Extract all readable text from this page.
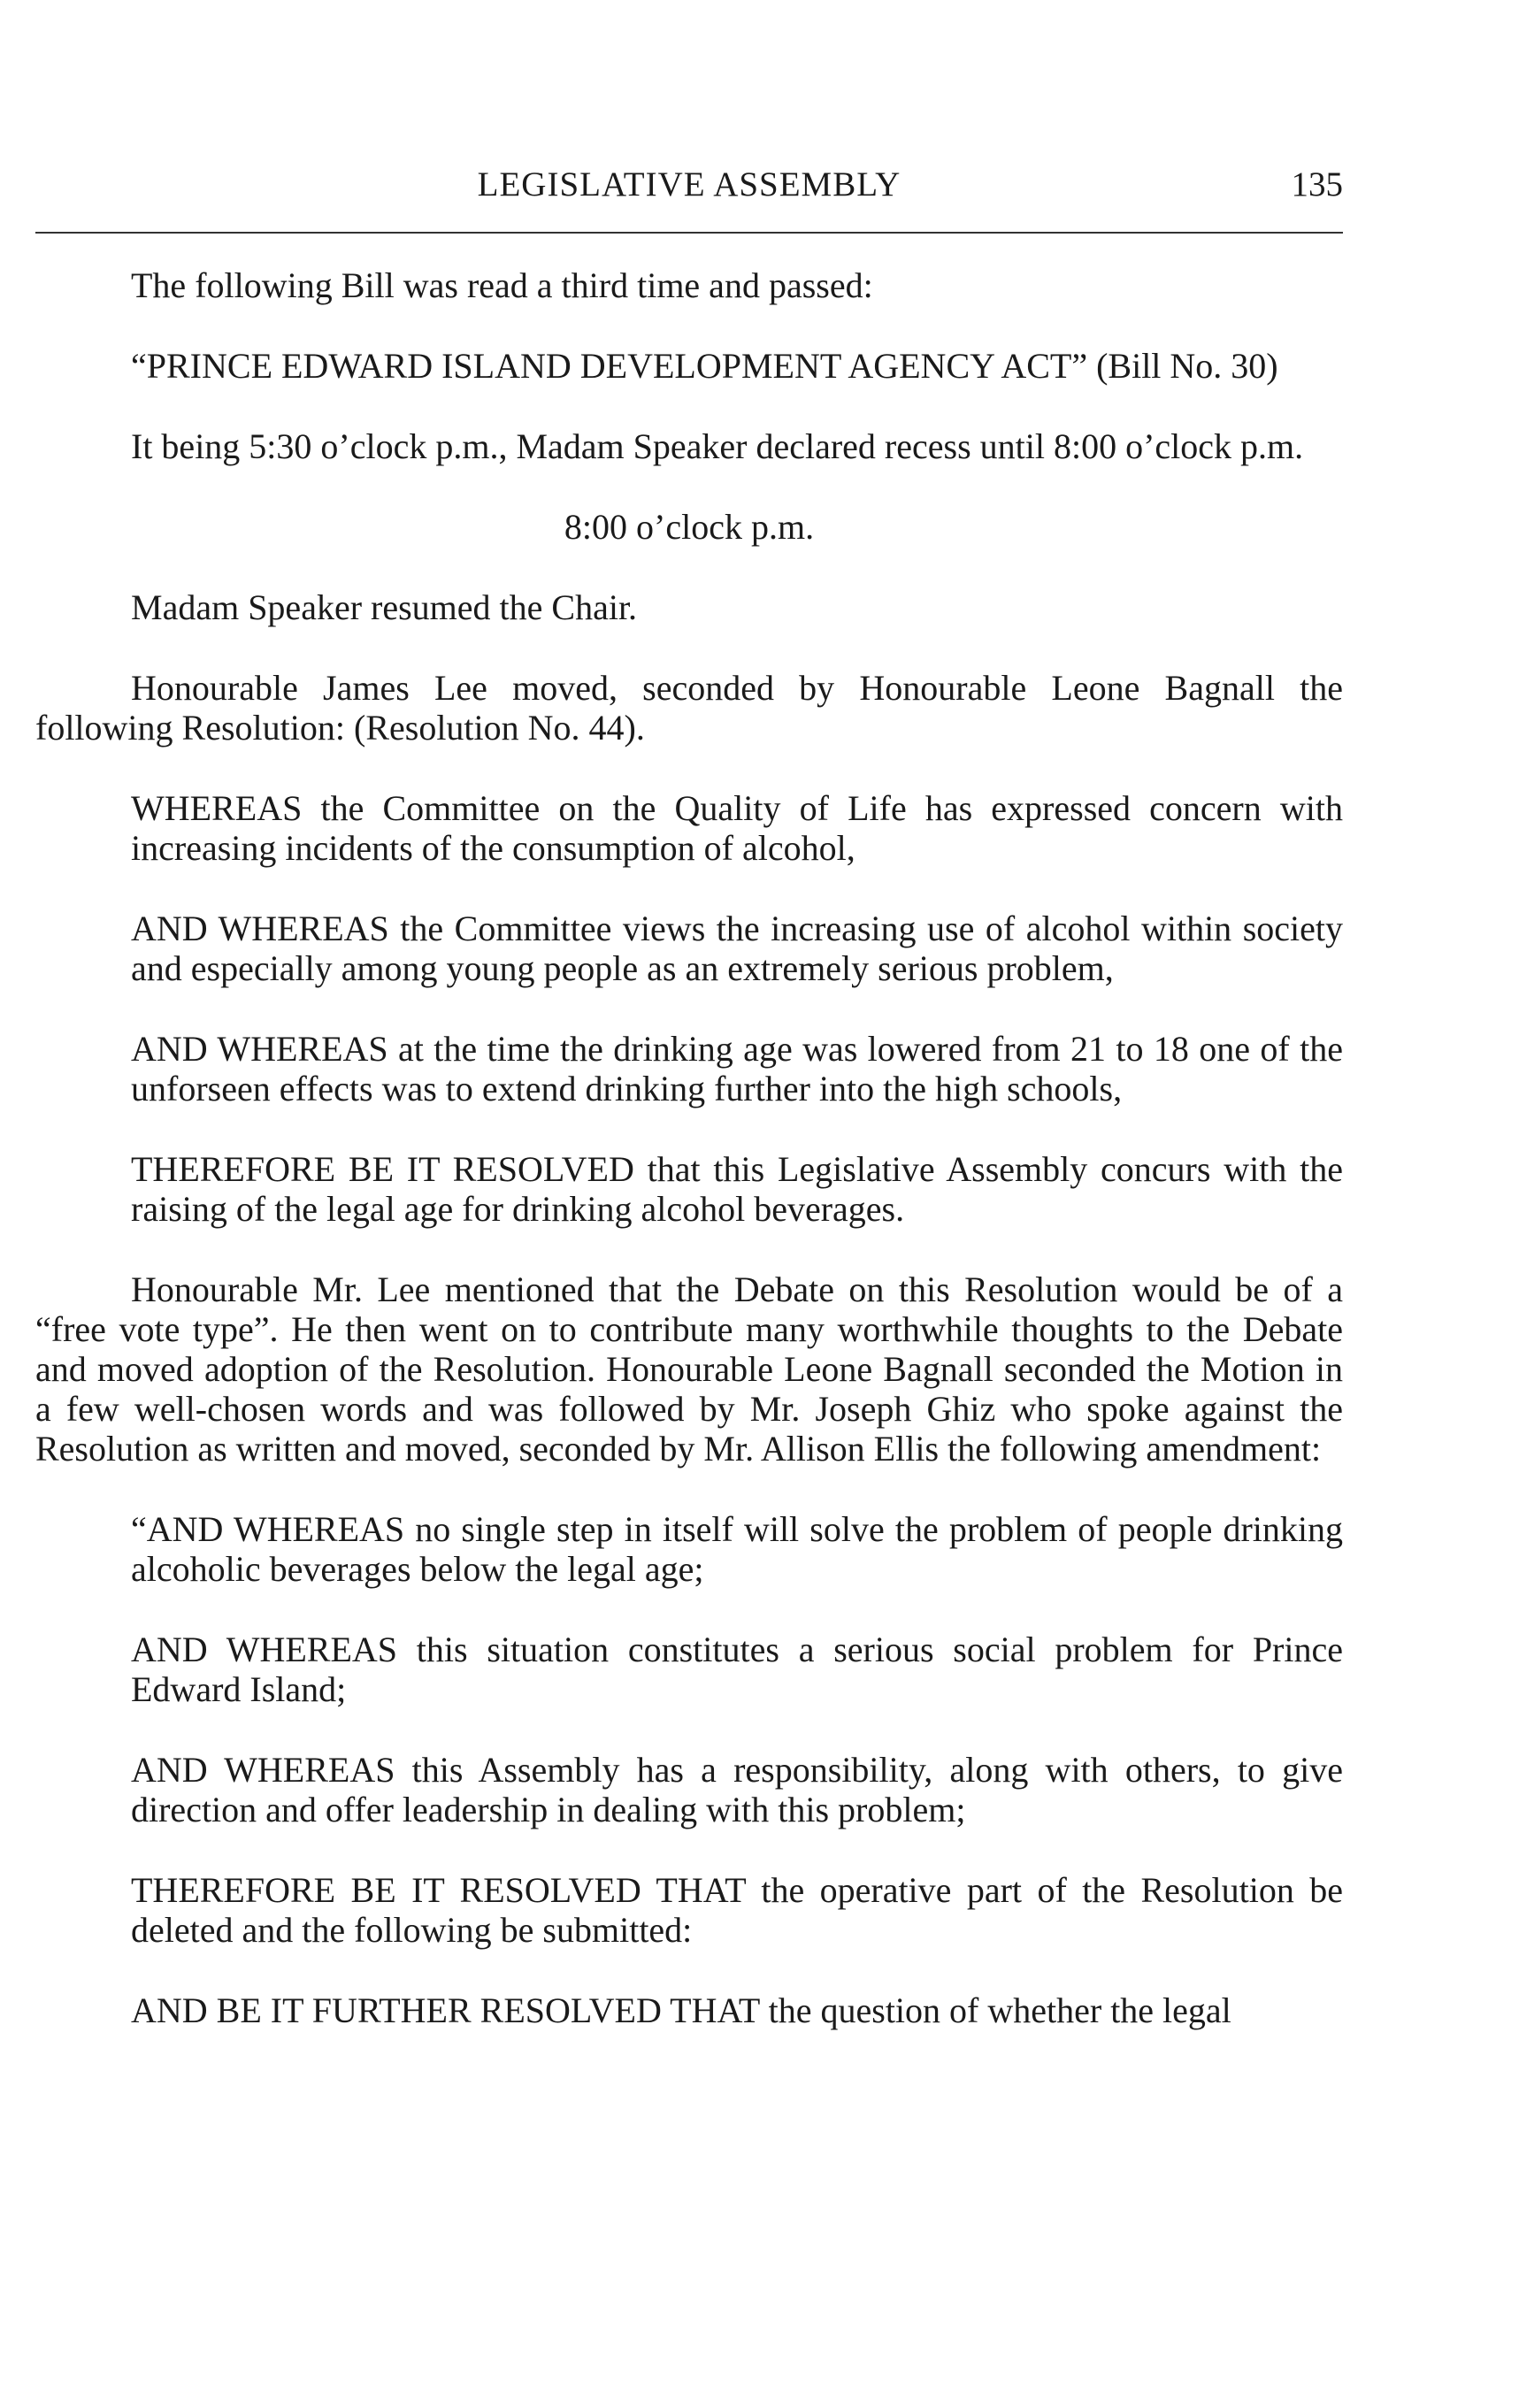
LEGISLATIVE ASSEMBLY	135

The following Bill was read a third time and passed:

“PRINCE EDWARD ISLAND DEVELOPMENT AGENCY ACT” (Bill No. 30)

It being 5:30 o’clock p.m., Madam Speaker declared recess until 8:00 o’clock p.m.

8:00 o’clock p.m.

Madam Speaker resumed the Chair.

Honourable James Lee moved, seconded by Honourable Leone Bagnall the following Resolution: (Resolution No. 44).

WHEREAS the Committee on the Quality of Life has expressed concern with increasing incidents of the consumption of alcohol,

AND WHEREAS the Committee views the increasing use of alcohol within society and especially among young people as an extremely serious problem,

AND WHEREAS at the time the drinking age was lowered from 21 to 18 one of the unforseen effects was to extend drinking further into the high schools,

THEREFORE BE IT RESOLVED that this Legislative Assembly concurs with the raising of the legal age for drinking alcohol beverages.

Honourable Mr. Lee mentioned that the Debate on this Resolution would be of a “free vote type”. He then went on to contribute many worthwhile thoughts to the Debate and moved adoption of the Resolution. Honourable Leone Bagnall seconded the Motion in a few well-chosen words and was followed by Mr. Joseph Ghiz who spoke against the Resolution as written and moved, seconded by Mr. Allison Ellis the following amendment:

“AND WHEREAS no single step in itself will solve the problem of people drinking alcoholic beverages below the legal age;

AND WHEREAS this situation constitutes a serious social problem for Prince Edward Island;

AND WHEREAS this Assembly has a responsibility, along with others, to give direction and offer leadership in dealing with this problem;

THEREFORE BE IT RESOLVED THAT the operative part of the Resolution be deleted and the following be submitted:

AND BE IT FURTHER RESOLVED THAT the question of whether the legal
